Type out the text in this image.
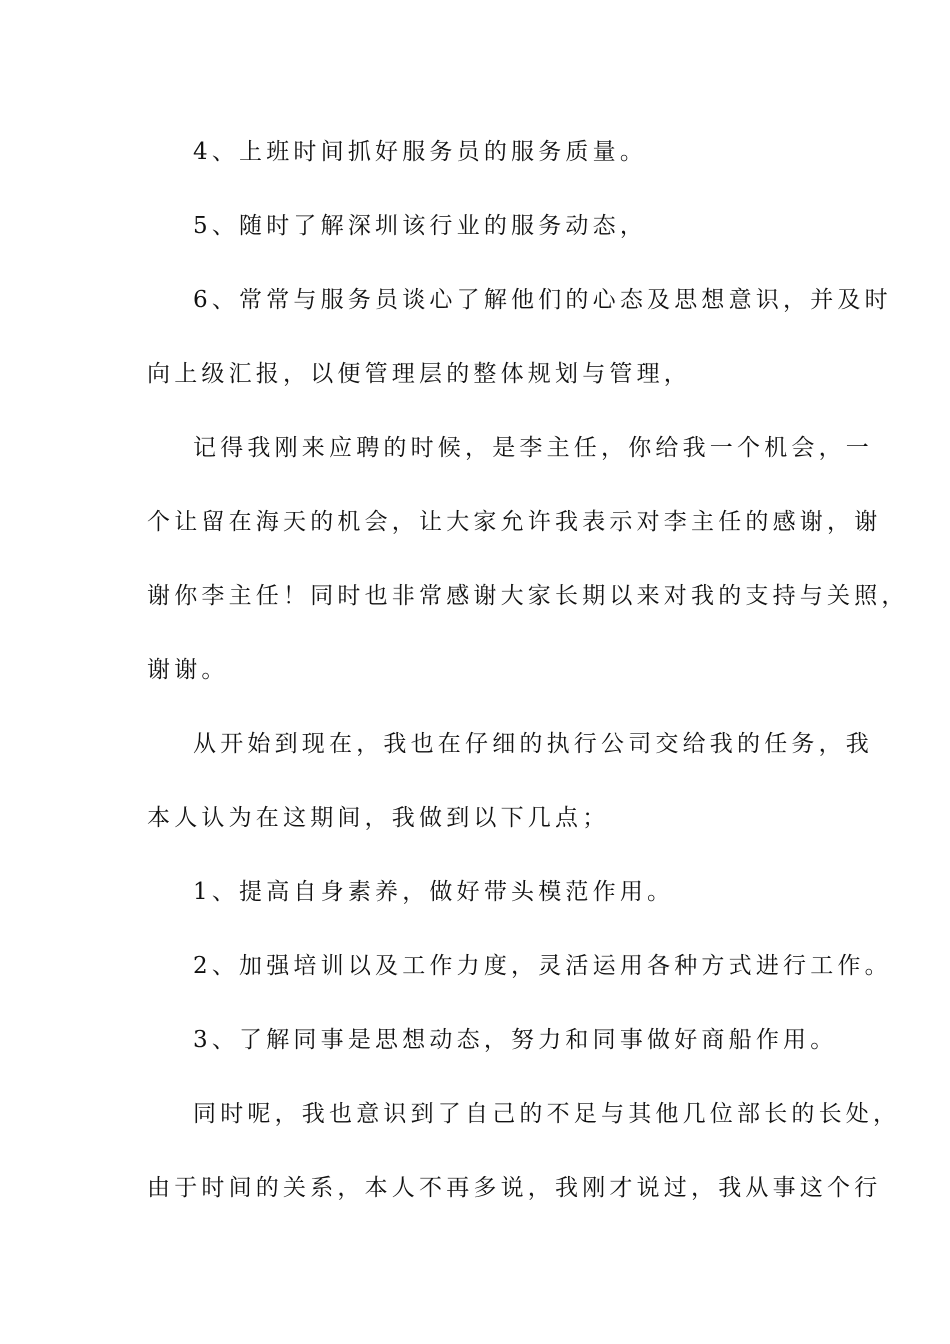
4、上班时间抓好服务员的服务质量。
5、随时了解深圳该行业的服务动态，
6、常常与服务员谈心了解他们的心态及思想意识，并及时
向上级汇报，以便管理层的整体规划与管理，
记得我刚来应聘的时候，是李主任，你给我一个机会，一
个让留在海天的机会，让大家允许我表示对李主任的感谢，谢
谢你李主任！同时也非常感谢大家长期以来对我的支持与关照，
谢谢。
从开始到现在，我也在仔细的执行公司交给我的任务，我
本人认为在这期间，我做到以下几点；
1、提高自身素养，做好带头模范作用。
2、加强培训以及工作力度，灵活运用各种方式进行工作。
3、了解同事是思想动态，努力和同事做好商船作用。
同时呢，我也意识到了自己的不足与其他几位部长的长处，
由于时间的关系，本人不再多说，我刚才说过，我从事这个行
